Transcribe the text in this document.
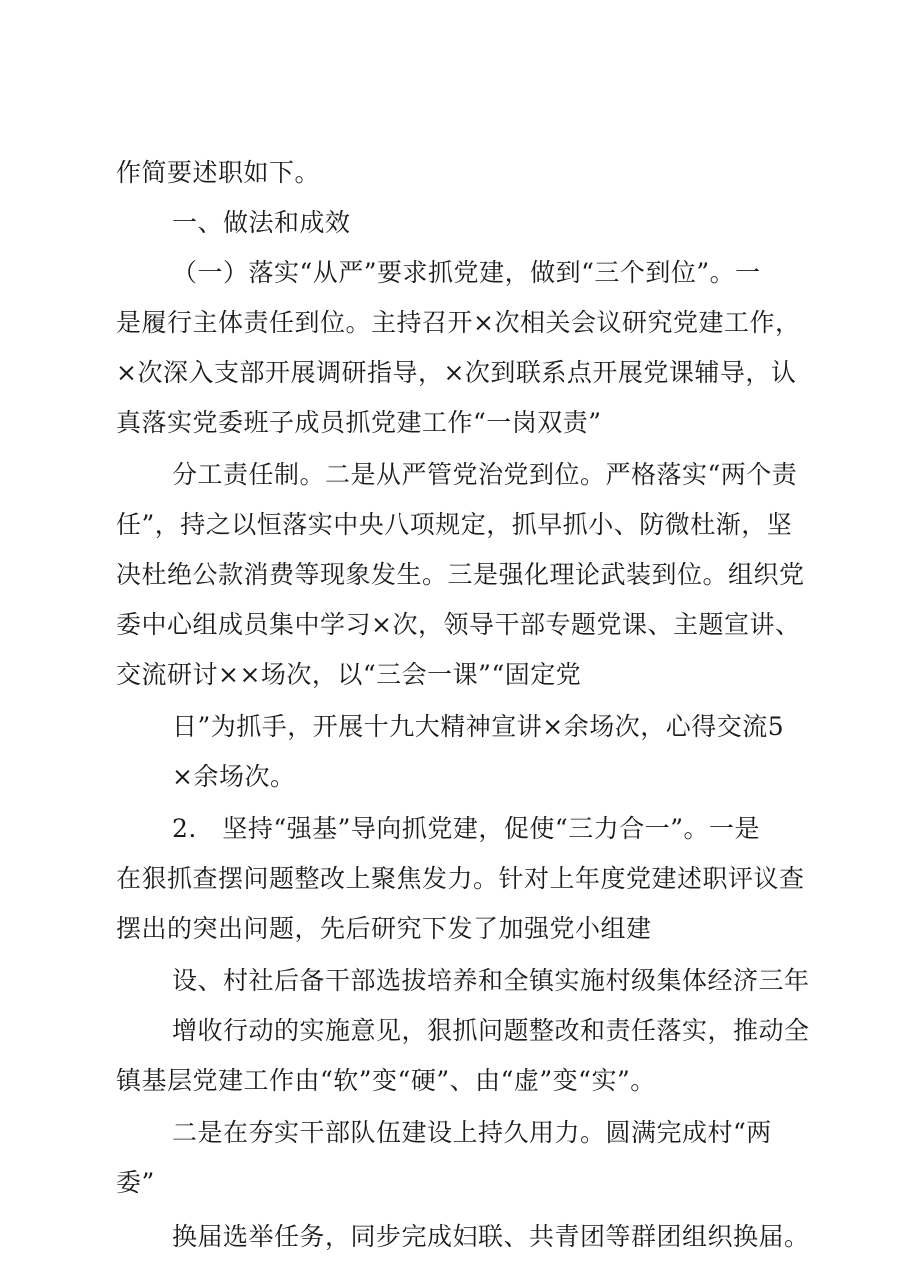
作简要述职如下。
一、做法和成效
（一）落实“从严”要求抓党建，做到“三个到位”。一
是履行主体责任到位。主持召开×次相关会议研究党建工作，
×次深入支部开展调研指导，×次到联系点开展党课辅导，认
真落实党委班子成员抓党建工作“一岗双责”
分工责任制。二是从严管党治党到位。严格落实“两个责
任”，持之以恒落实中央八项规定，抓早抓小、防微杜渐，坚
决杜绝公款消费等现象发生。三是强化理论武装到位。组织党
委中心组成员集中学习×次，领导干部专题党课、主题宣讲、
交流研讨××场次，以“三会一课”“固定党
日”为抓手，开展十九大精神宣讲×余场次，心得交流5
×余场次。
2.　坚持“强基”导向抓党建，促使“三力合一”。一是
在狠抓查摆问题整改上聚焦发力。针对上年度党建述职评议查
摆出的突出问题，先后研究下发了加强党小组建
设、村社后备干部选拔培养和全镇实施村级集体经济三年
增收行动的实施意见，狠抓问题整改和责任落实，推动全
镇基层党建工作由“软”变“硬”、由“虚”变“实”。
二是在夯实干部队伍建设上持久用力。圆满完成村“两
委”
换届选举任务，同步完成妇联、共青团等群团组织换届。
